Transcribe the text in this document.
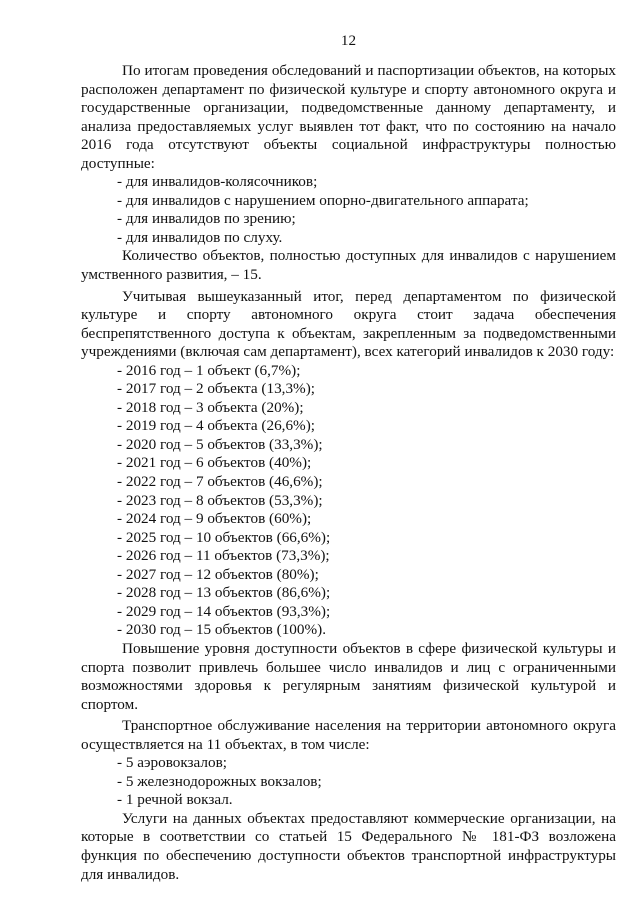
12

По итогам проведения обследований и паспортизации объектов, на которых расположен департамент по физической культуре и спорту автономного округа и государственные организации, подведомственные данному департаменту, и анализа предоставляемых услуг выявлен тот факт, что по состоянию на начало 2016 года отсутствуют объекты социальной инфраструктуры полностью доступные:

- для инвалидов-колясочников;

- для инвалидов с нарушением опорно-двигательного аппарата;

- для инвалидов по зрению;

- для инвалидов по слуху.

Количество объектов, полностью доступных для инвалидов с нарушением умственного развития, – 15.

Учитывая вышеуказанный итог, перед департаментом по физической культуре и спорту автономного округа стоит задача обеспечения беспрепятственного доступа к объектам, закрепленным за подведомственными учреждениями (включая сам департамент), всех категорий инвалидов к 2030 году:

- 2016 год – 1 объект (6,7%);

- 2017 год – 2 объекта (13,3%);

- 2018 год – 3 объекта (20%);

- 2019 год – 4 объекта (26,6%);

- 2020 год – 5 объектов (33,3%);

- 2021 год – 6 объектов (40%);

- 2022 год – 7 объектов (46,6%);

- 2023 год – 8 объектов (53,3%);

- 2024 год – 9 объектов (60%);

- 2025 год – 10 объектов (66,6%);

- 2026 год – 11 объектов (73,3%);

- 2027 год – 12 объектов (80%);

- 2028 год – 13 объектов (86,6%);

- 2029 год – 14 объектов (93,3%);

- 2030 год – 15 объектов (100%).

Повышение уровня доступности объектов в сфере физической культуры и спорта позволит привлечь большее число инвалидов и лиц с ограниченными возможностями здоровья к регулярным занятиям физической культурой и спортом.

Транспортное обслуживание населения на территории автономного округа осуществляется на 11 объектах, в том числе:

- 5 аэровокзалов;

- 5 железнодорожных вокзалов;

- 1 речной вокзал.

Услуги на данных объектах предоставляют коммерческие организации, на которые в соответствии со статьей 15 Федерального № 181-ФЗ возложена функция по обеспечению доступности объектов транспортной инфраструктуры для инвалидов.
